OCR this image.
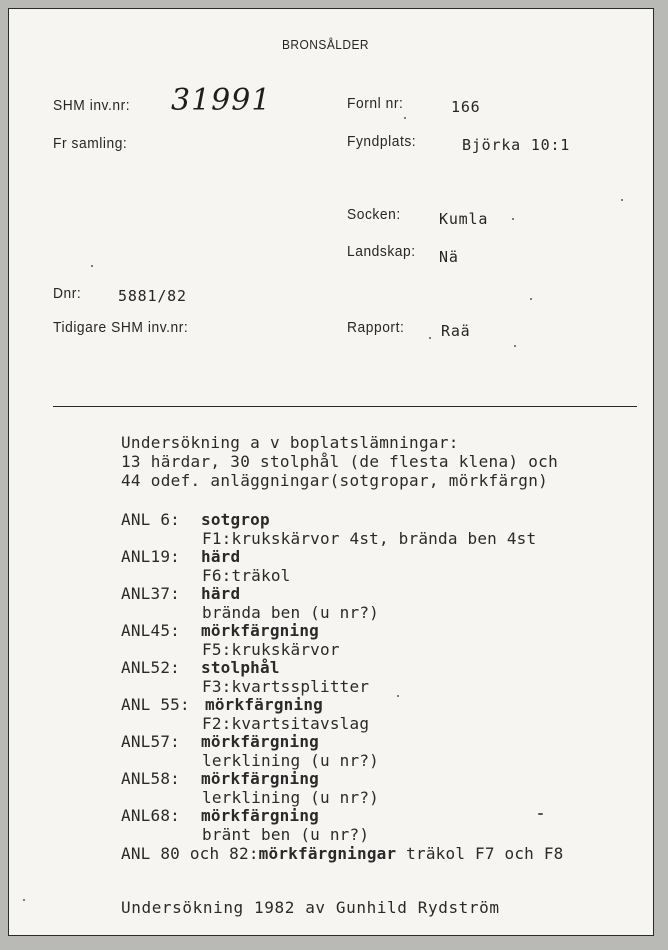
BRONSÅLDER
SHM inv.nr: 31991
Fr samling:
Dnr: 5881/82
Tidigare SHM inv.nr:
Fornl nr:	166
Fyndplats:	Björka 10:1
Socken:	Kumla
Landskap: Nä
Rapport: Raä
Undersökning a v boplatslämningar:
13 härdar, 30 stolphål (de flesta klena) och
44 odef. anläggningar(sotgropar, mörkfärgn)
ANL 6: sotgrop
F1:krukskärvor 4st, brända ben 4st
ANL19: härd
F6:träkol
ANL37: härd
brända ben (u nr?)
ANL45: mörkfärgning
F5:krukskärvor
ANL52: stolphål
F3:kvartssplitter
ANL 55: mörkfärgning
F2:kvartsitavslag
ANL57: mörkfärgning
lerklining (u nr?)
ANL58: mörkfärgning
lerklining (u nr?)
ANL68: mörkfärgning
bränt ben (u nr?)
ANL 80 och 82:mörkfärgningar träkol F7 och F8
Undersökning 1982 av Gunhild Rydström
